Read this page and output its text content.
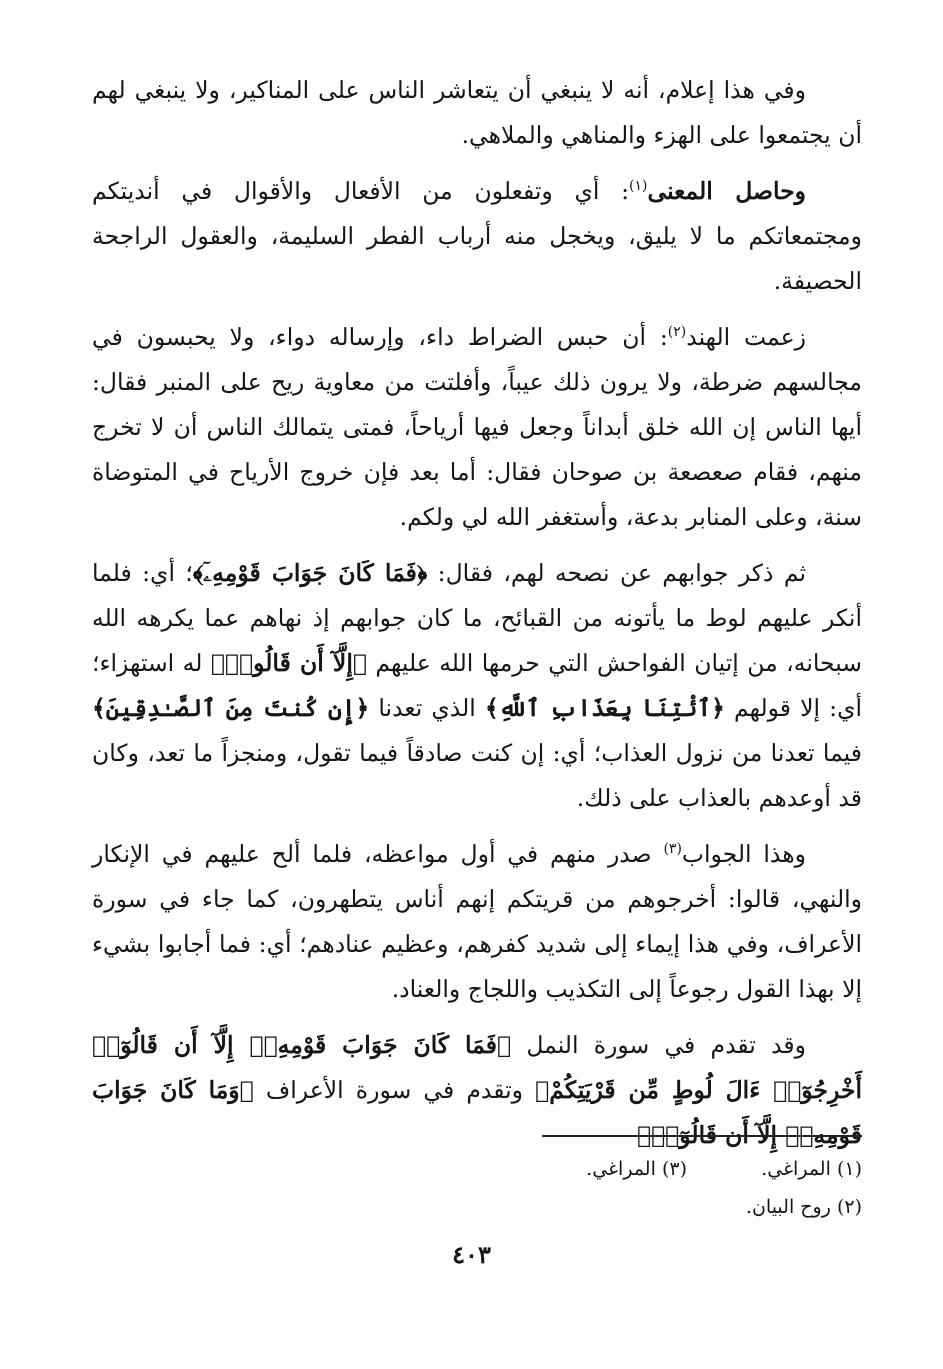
وفي هذا إعلام، أنه لا ينبغي أن يتعاشر الناس على المناكير، ولا ينبغي لهم أن يجتمعوا على الهزء والمناهي والملاهي.

وحاصل المعنى$^{(١)}$: أي وتفعلون من الأفعال والأقوال في أنديتكم ومجتمعاتكم ما لا يليق، ويخجل منه أرباب الفطر السليمة، والعقول الراجحة الحصيفة.

زعمت الهند$^{(٢)}$: أن حبس الضراط داء، وإرساله دواء، ولا يحبسون في مجالسهم ضرطة، ولا يرون ذلك عيباً، وأفلتت من معاوية ريح على المنبر فقال: أيها الناس إن الله خلق أبداناً وجعل فيها أرياحاً، فمتى يتمالك الناس أن لا تخرج منهم، فقام صعصعة بن صوحان فقال: أما بعد فإن خروج الأرياح في المتوضاة سنة، وعلى المنابر بدعة، وأستغفر الله لي ولكم.

ثم ذكر جوابهم عن نصحه لهم، فقال: ﴿فَمَا كَانَ جَوَابَ قَوْمِهِۦٓ﴾؛ أي: فلما أنكر عليهم لوط ما يأتونه من القبائح، ما كان جوابهم إذ نهاهم عما يكرهه الله سبحانه، من إتيان الفواحش التي حرمها الله عليهم ﴿إِلَّآ أَن قَالُوا۟﴾ له استهزاء؛ أي: إلا قولهم ﴿ٱئْتِنَا بِعَذَابِ ٱللَّهِ﴾ الذي تعدنا ﴿إِن كُنتَ مِنَ ٱلصَّـٰدِقِينَ﴾ فيما تعدنا من نزول العذاب؛ أي: إن كنت صادقاً فيما تقول، ومنجزاً ما تعد، وكان قد أوعدهم بالعذاب على ذلك.

وهذا الجواب$^{(٣)}$ صدر منهم في أول مواعظه، فلما ألح عليهم في الإنكار والنهي، قالوا: أخرجوهم من قريتكم إنهم أناس يتطهرون، كما جاء في سورة الأعراف، وفي هذا إيماء إلى شديد كفرهم، وعظيم عنادهم؛ أي: فما أجابوا بشيء إلا بهذا القول رجوعاً إلى التكذيب واللجاج والعناد.

وقد تقدم في سورة النمل ﴿فَمَا كَانَ جَوَابَ قَوْمِهِۦٓ إِلَّآ أَن قَالُوٓا۟ أَخْرِجُوٓا۟ ءَالَ لُوطٍ مِّن قَرْيَتِكُمْ﴾ وتقدم في سورة الأعراف ﴿وَمَا كَانَ جَوَابَ قَوْمِهِۦٓ إِلَّآ أَن قَالُوٓا۟﴾

(١) المراغي.
(٣) المراغي.
(٢) روح البيان.
٤٠٣
